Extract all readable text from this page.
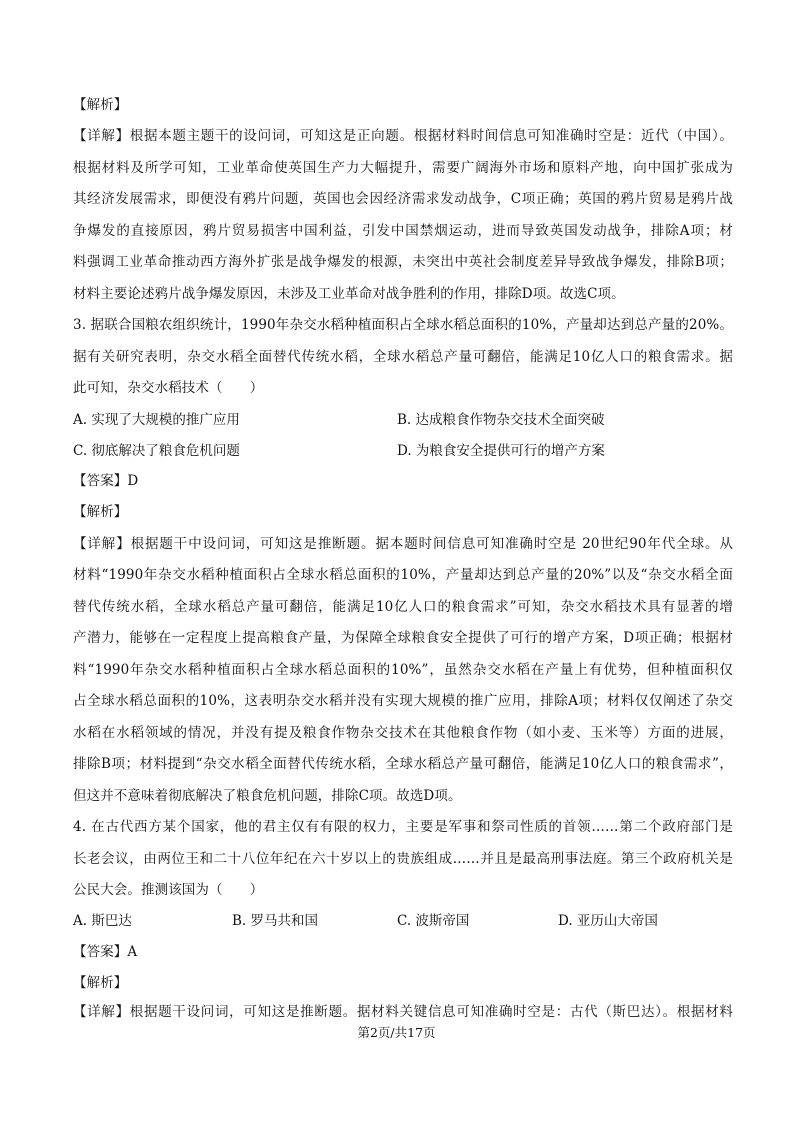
【解析】
【详解】根据本题主题干的设问词，可知这是正向题。根据材料时间信息可知准确时空是：近代（中国）。
根据材料及所学可知，工业革命使英国生产力大幅提升，需要广阔海外市场和原料产地，向中国扩张成为
其经济发展需求，即便没有鸦片问题，英国也会因经济需求发动战争，C项正确；英国的鸦片贸易是鸦片战
争爆发的直接原因，鸦片贸易损害中国利益，引发中国禁烟运动，进而导致英国发动战争，排除A项；材
料强调工业革命推动西方海外扩张是战争爆发的根源，未突出中英社会制度差异导致战争爆发，排除B项；
材料主要论述鸦片战争爆发原因，未涉及工业革命对战争胜利的作用，排除D项。故选C项。
3. 据联合国粮农组织统计，1990年杂交水稻种植面积占全球水稻总面积的10%，产量却达到总产量的20%。
据有关研究表明，杂交水稻全面替代传统水稻，全球水稻总产量可翻倍，能满足10亿人口的粮食需求。据
此可知，杂交水稻技术（　　）
A. 实现了大规模的推广应用	B. 达成粮食作物杂交技术全面突破
C. 彻底解决了粮食危机问题	D. 为粮食安全提供可行的增产方案
【答案】D
【解析】
【详解】根据题干中设问词，可知这是推断题。据本题时间信息可知准确时空是 20世纪90年代全球。从
材料“1990年杂交水稻种植面积占全球水稻总面积的10%，产量却达到总产量的20%”以及“杂交水稻全面
替代传统水稻，全球水稻总产量可翻倍，能满足10亿人口的粮食需求”可知，杂交水稻技术具有显著的增
产潜力，能够在一定程度上提高粮食产量，为保障全球粮食安全提供了可行的增产方案，D项正确；根据材
料“1990年杂交水稻种植面积占全球水稻总面积的10%”，虽然杂交水稻在产量上有优势，但种植面积仅
占全球水稻总面积的10%，这表明杂交水稻并没有实现大规模的推广应用，排除A项；材料仅仅阐述了杂交
水稻在水稻领域的情况，并没有提及粮食作物杂交技术在其他粮食作物（如小麦、玉米等）方面的进展，
排除B项；材料提到“杂交水稻全面替代传统水稻，全球水稻总产量可翻倍，能满足10亿人口的粮食需求”，
但这并不意味着彻底解决了粮食危机问题，排除C项。故选D项。
4. 在古代西方某个国家，他的君主仅有有限的权力，主要是军事和祭司性质的首领……第二个政府部门是
长老会议，由两位王和二十八位年纪在六十岁以上的贵族组成……并且是最高刑事法庭。第三个政府机关是
公民大会。推测该国为（　　）
A. 斯巴达	B. 罗马共和国	C. 波斯帝国	D. 亚历山大帝国
【答案】A
【解析】
【详解】根据题干设问词，可知这是推断题。据材料关键信息可知准确时空是：古代（斯巴达）。根据材料
第2页/共17页
